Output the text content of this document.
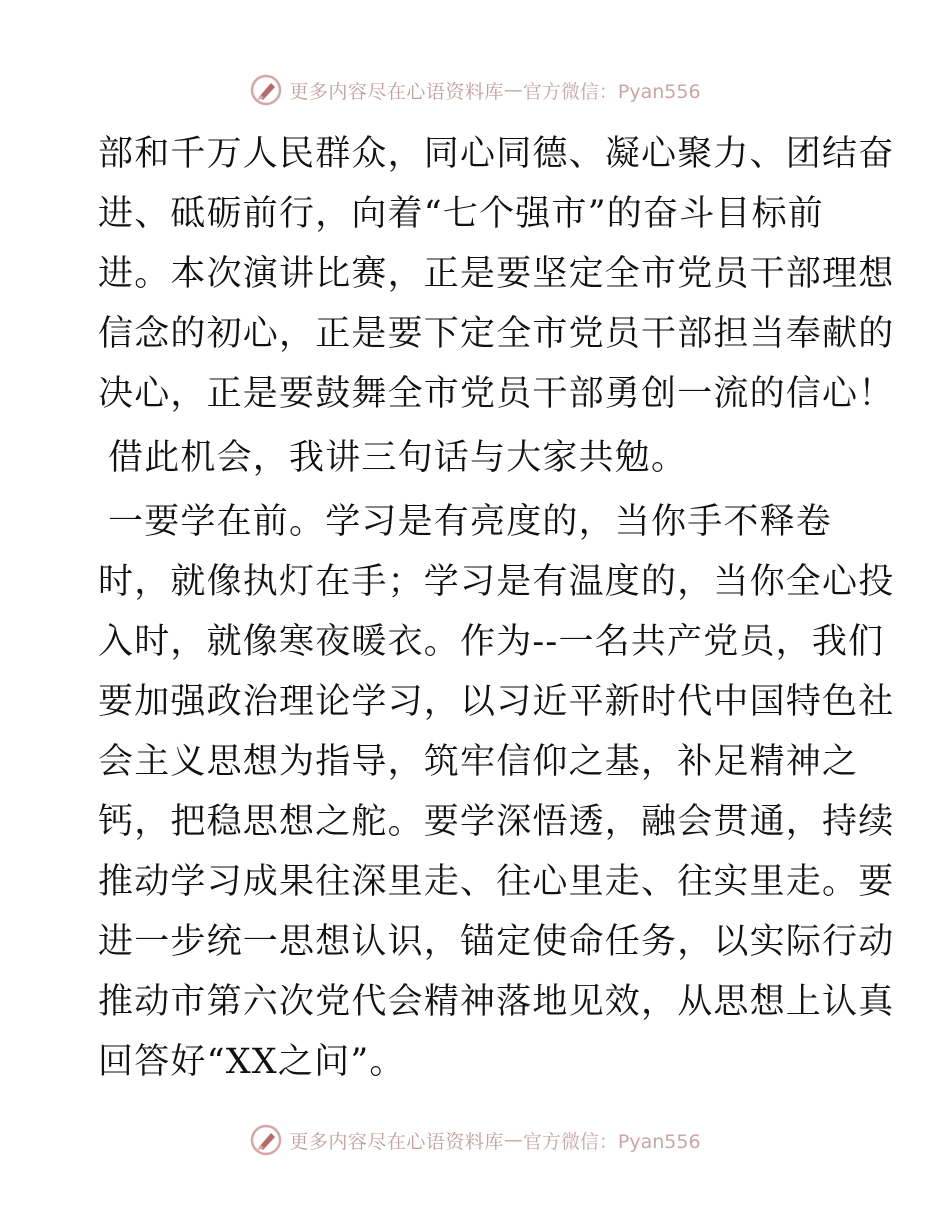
更多内容尽在心语资料库 — 官方微信：Pyan556
部和千万人民群众，同心同德、凝心聚力、团结奋
进、砥砺前行，向着“七个强市”的奋斗目标前
进。本次演讲比赛，正是要坚定全市党员干部理想
信念的初心，正是要下定全市党员干部担当奉献的
决心，正是要鼓舞全市党员干部勇创一流的信心！
借此机会，我讲三句话与大家共勉。
一要学在前。学习是有亮度的，当你手不释卷
时，就像执灯在手；学习是有温度的，当你全心投
入时，就像寒夜暖衣。作为--一名共产党员，我们
要加强政治理论学习，以习近平新时代中国特色社
会主义思想为指导，筑牢信仰之基，补足精神之
钙，把稳思想之舵。要学深悟透，融会贯通，持续
推动学习成果往深里走、往心里走、往实里走。要
进一步统一思想认识，锚定使命任务，以实际行动
推动市第六次党代会精神落地见效，从思想上认真
回答好“XX之问”。
更多内容尽在心语资料库 — 官方微信：Pyan556
